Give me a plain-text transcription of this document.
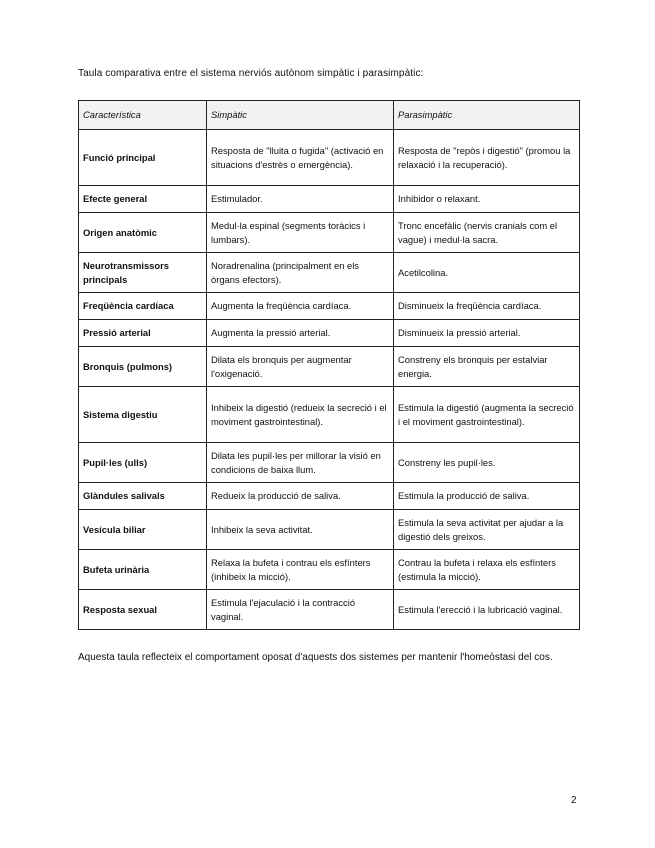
Taula comparativa entre el sistema nerviós autònom simpàtic i parasimpàtic:
Característica	Simpàtic	Parasimpàtic
Funció principal	Resposta de "lluita o fugida" (activació en situacions d'estrès o emergència).	Resposta de "repòs i digestió" (promou la relaxació i la recuperació).
Efecte general	Estimulador.	Inhibidor o relaxant.
Origen anatòmic	Medul·la espinal (segments toràcics i lumbars).	Tronc encefàlic (nervis cranials com el vague) i medul·la sacra.
Neurotransmissors principals	Noradrenalina (principalment en els òrgans efectors).	Acetilcolina.
Freqüència cardíaca	Augmenta la freqüència cardíaca.	Disminueix la freqüència cardíaca.
Pressió arterial	Augmenta la pressió arterial.	Disminueix la pressió arterial.
Bronquis (pulmons)	Dilata els bronquis per augmentar l'oxigenació.	Constreny els bronquis per estalviar energia.
Sistema digestiu	Inhibeix la digestió (redueix la secreció i el moviment gastrointestinal).	Estimula la digestió (augmenta la secreció i el moviment gastrointestinal).
Pupil·les (ulls)	Dilata les pupil·les per millorar la visió en condicions de baixa llum.	Constreny les pupil·les.
Glàndules salivals	Redueix la producció de saliva.	Estimula la producció de saliva.
Vesícula biliar	Inhibeix la seva activitat.	Estimula la seva activitat per ajudar a la digestió dels greixos.
Bufeta urinària	Relaxa la bufeta i contrau els esfínters (inhibeix la micció).	Contrau la bufeta i relaxa els esfínters (estimula la micció).
Resposta sexual	Estimula l'ejaculació i la contracció vaginal.	Estimula l'erecció i la lubricació vaginal.
Aquesta taula reflecteix el comportament oposat d'aquests dos sistemes per mantenir l'homeòstasi del cos.
2
